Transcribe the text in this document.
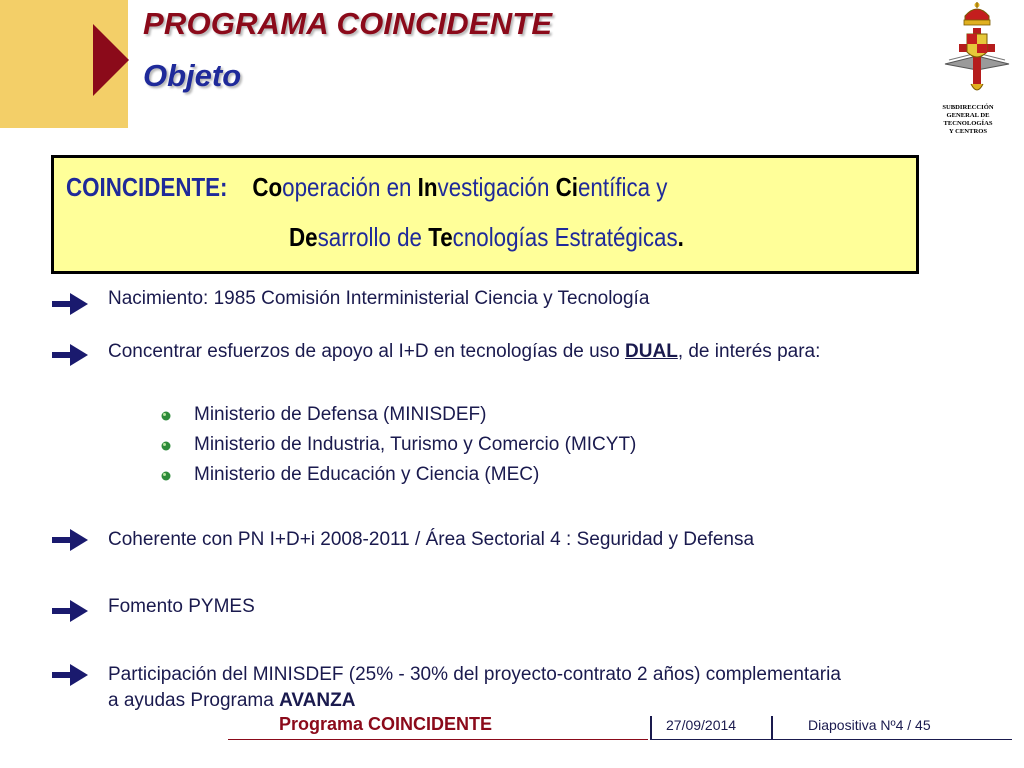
PROGRAMA COINCIDENTE
Objeto
SUBDIRECCIÓN
GENERAL DE
TECNOLOGÍAS
Y CENTROS
COINCIDENTE: Cooperación en Investigación Científica y
Desarrollo de Tecnologías Estratégicas.
Nacimiento: 1985 Comisión Interministerial Ciencia y Tecnología
Concentrar esfuerzos de apoyo al I+D en tecnologías de uso DUAL, de interés para:
Ministerio de Defensa (MINISDEF)
Ministerio de Industria, Turismo y Comercio (MICYT)
Ministerio de Educación y Ciencia (MEC)
Coherente con PN I+D+i 2008-2011 / Área Sectorial 4 : Seguridad y Defensa
Fomento PYMES
Participación del MINISDEF (25% - 30% del proyecto-contrato 2 años) complementaria
a ayudas Programa AVANZA
Programa COINCIDENTE	27/09/2014	Diapositiva Nº4 / 45
